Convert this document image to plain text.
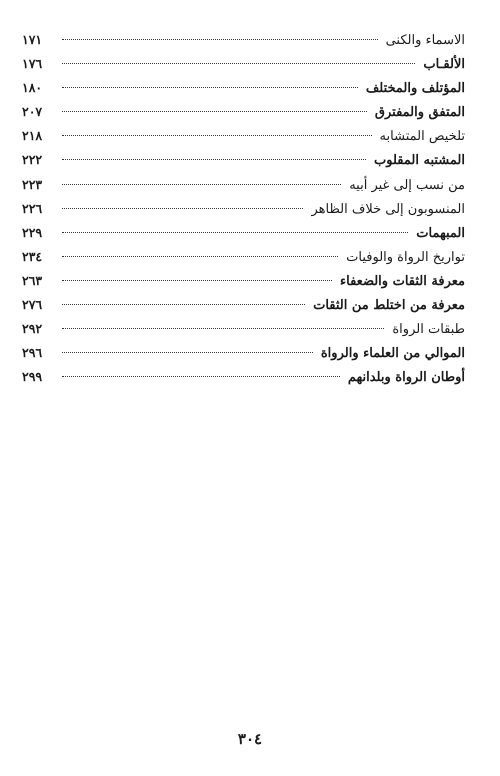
الاسماء والكنى
١٧١
الألقـاب
١٧٦
المؤتلف والمختلف
١٨٠
المتفق والمفترق
٢٠٧
تلخيص المتشابه
٢١٨
المشتبه المقلوب
٢٢٢
من نسب إلى غير أبيه
٢٢٣
المنسوبون إلى خلاف الظاهر
٢٢٦
المبهمات
٢٢٩
تواريخ الرواة والوفيات
٢٣٤
معرفة الثقات والضعفاء
٢٦٣
معرفة من اختلط من الثقات
٢٧٦
طبقات الرواة
٢٩٢
الموالي من العلماء والرواة
٢٩٦
أوطان الرواة وبلدانهم
٢٩٩
٣٠٤
